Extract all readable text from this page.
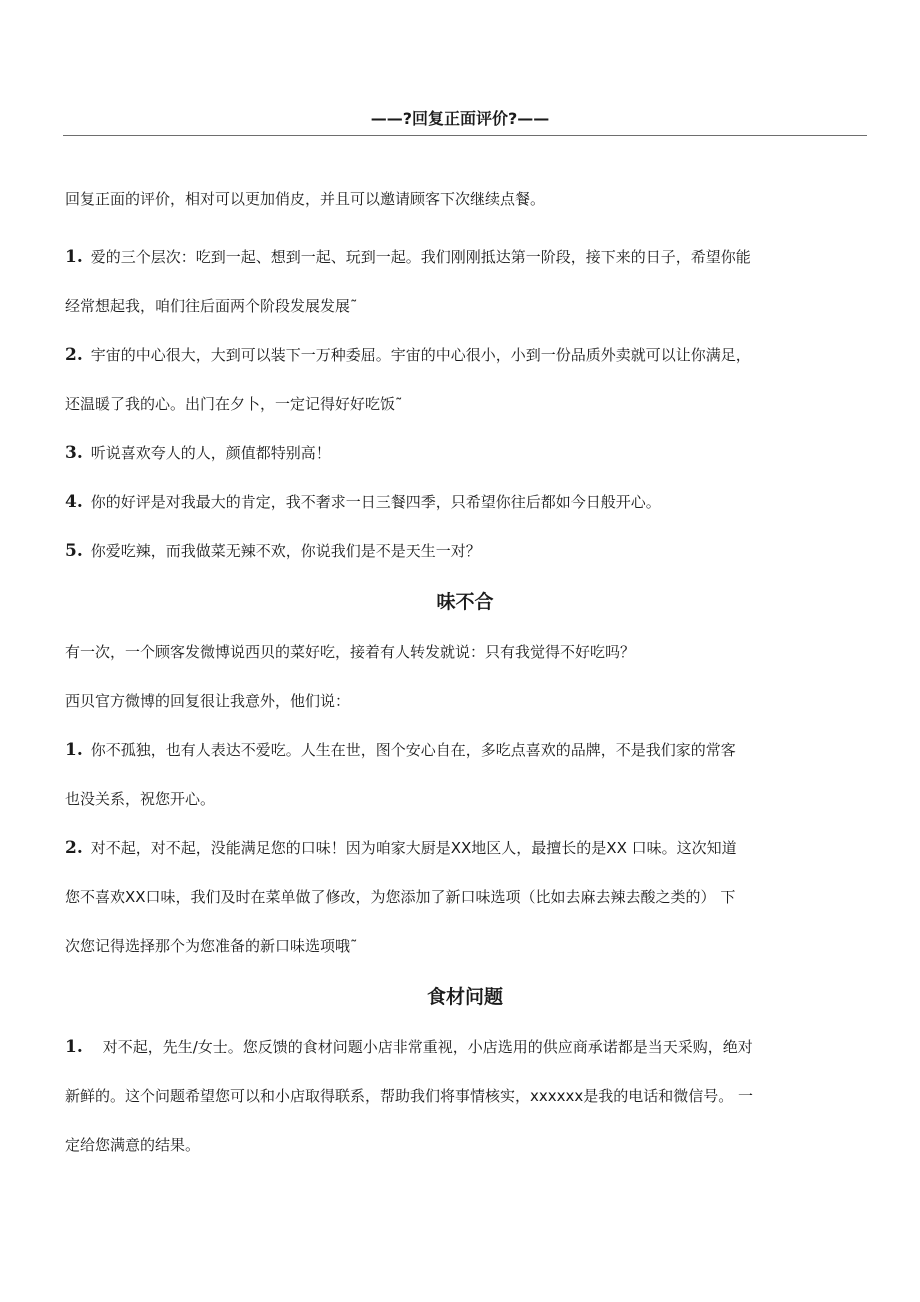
——?回复正面评价?——

回复正面的评价，相对可以更加俏皮，并且可以邀请顾客下次继续点餐。

1. 爱的三个层次：吃到一起、想到一起、玩到一起。我们刚刚抵达第一阶段，接下来的日子，希望你能

经常想起我，咱们往后面两个阶段发展发展˜

2. 宇宙的中心很大，大到可以装下一万种委屈。宇宙的中心很小，小到一份品质外卖就可以让你满足，

还温暖了我的心。出门在夕卜，一定记得好好吃饭˜

3. 听说喜欢夸人的人，颜值都特别高！

4. 你的好评是对我最大的肯定，我不奢求一日三餐四季，只希望你往后都如今日般开心。

5. 你爱吃辣，而我做菜无辣不欢，你说我们是不是天生一对？

味不合

有一次，一个顾客发微博说西贝的菜好吃，接着有人转发就说：只有我觉得不好吃吗？

西贝官方微博的回复很让我意外，他们说：

1. 你不孤独，也有人表达不爱吃。人生在世，图个安心自在，多吃点喜欢的品牌，不是我们家的常客

也没关系，祝您开心。

2. 对不起，对不起，没能满足您的口味！因为咱家大厨是XX地区人，最擅长的是XX 口味。这次知道

您不喜欢XX口味，我们及时在菜单做了修改，为您添加了新口味选项（比如去麻去辣去酸之类的） 下

次您记得选择那个为您准备的新口味选项哦˜

食材问题

1. 对不起，先生/女士。您反馈的食材问题小店非常重视，小店选用的供应商承诺都是当天采购，绝对

新鲜的。这个问题希望您可以和小店取得联系，帮助我们将事情核实，xxxxxx是我的电话和微信号。 一

定给您满意的结果。
